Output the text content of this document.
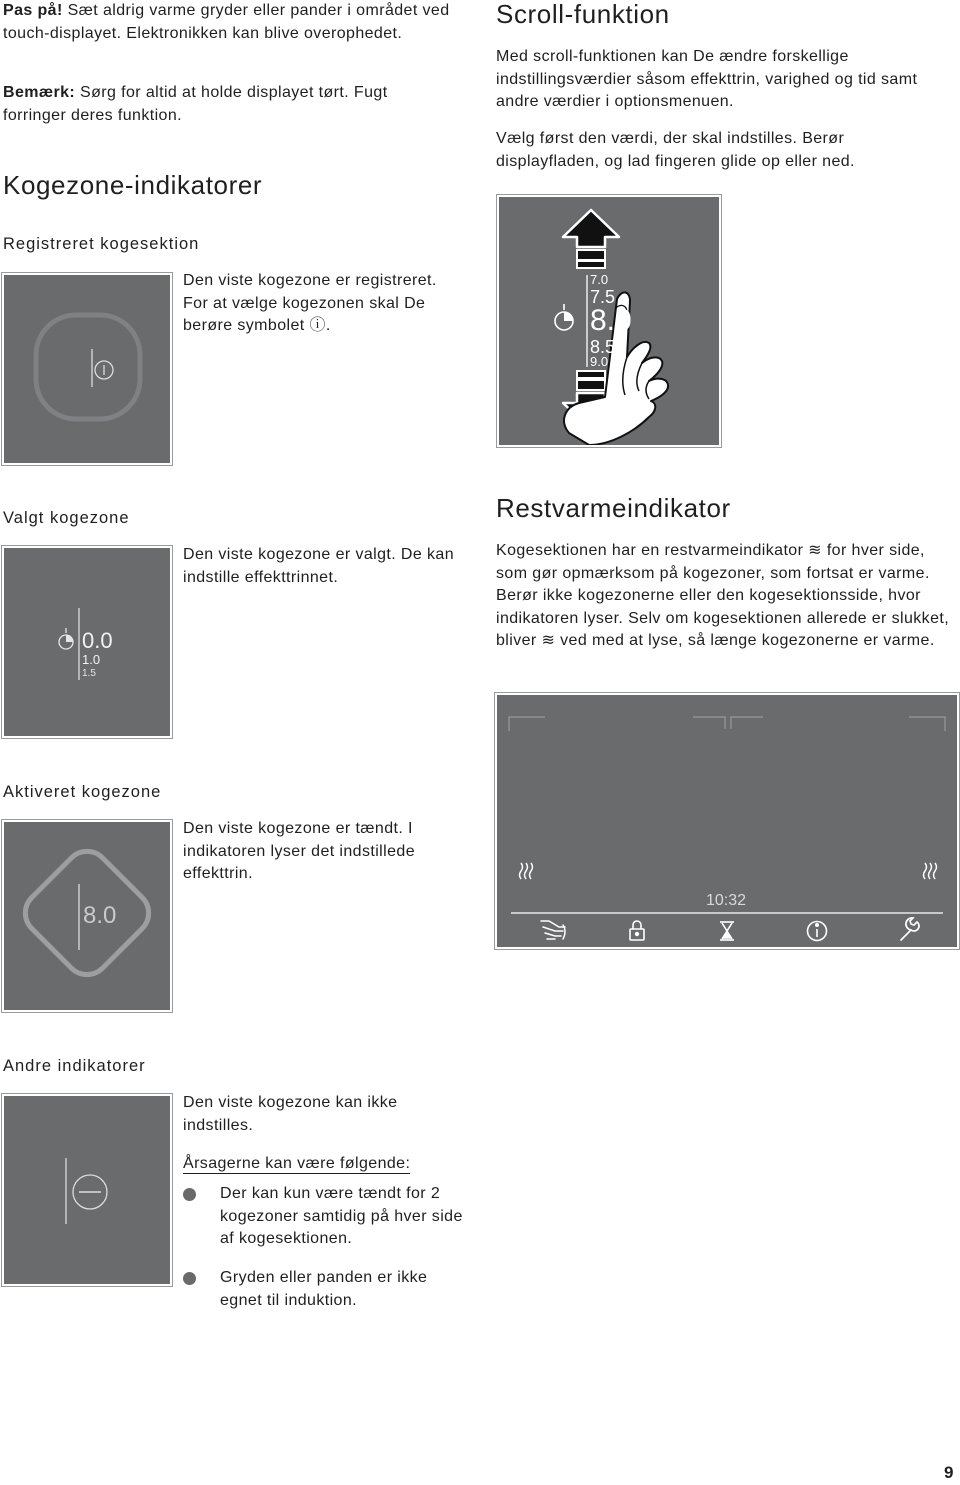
Pas på! Sæt aldrig varme gryder eller pander i området ved touch-displayet. Elektronikken kan blive overophedet.
Bemærk: Sørg for altid at holde displayet tørt. Fugt forringer deres funktion.
Kogezone-indikatorer
Registreret kogesektion
Den viste kogezone er registreret. For at vælge kogezonen skal De berøre symbolet ⓘ.
Valgt kogezone
0.0
1.0
1.5
Den viste kogezone er valgt. De kan indstille effekttrinnet.
Aktiveret kogezone
8.0
Den viste kogezone er tændt. I indikatoren lyser det indstillede effekttrin.
Andre indikatorer
Den viste kogezone kan ikke indstilles.
Årsagerne kan være følgende:
Der kan kun være tændt for 2 kogezoner samtidig på hver side af kogesektionen.
Gryden eller panden er ikke egnet til induktion.
Scroll-funktion
Med scroll-funktionen kan De ændre forskellige indstillingsværdier såsom effekttrin, varighed og tid samt andre værdier i optionsmenuen.
Vælg først den værdi, der skal indstilles. Berør displayfladen, og lad fingeren glide op eller ned.
7.0
7.5
8.0
8.5
9.0
Restvarmeindikator
Kogesektionen har en restvarmeindikator ≋ for hver side, som gør opmærksom på kogezoner, som fortsat er varme. Berør ikke kogezonerne eller den kogesektionsside, hvor indikatoren lyser. Selv om kogesektionen allerede er slukket, bliver ≋ ved med at lyse, så længe kogezonerne er varme.
10:32
9
